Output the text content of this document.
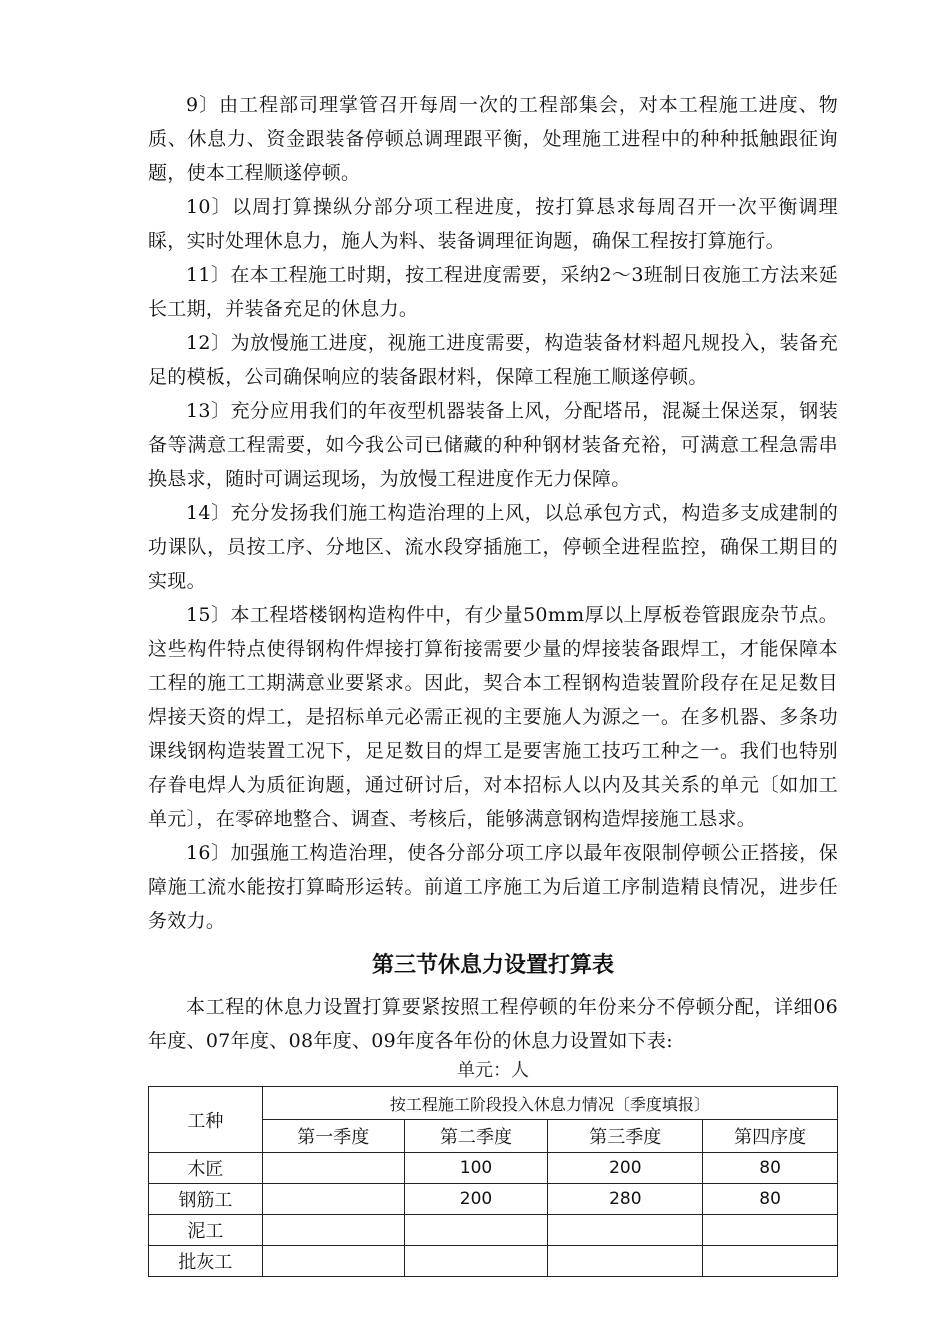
9〕由工程部司理掌管召开每周一次的工程部集会，对本工程施工进度、物质、休息力、资金跟装备停顿总调理跟平衡，处理施工进程中的种种抵触跟征询题，使本工程顺遂停顿。

10〕以周打算操纵分部分项工程进度，按打算恳求每周召开一次平衡调理睬，实时处理休息力，施人为料、装备调理征询题，确保工程按打算施行。

11〕在本工程施工时期，按工程进度需要，采纳2～3班制日夜施工方法来延长工期，并装备充足的休息力。

12〕为放慢施工进度，视施工进度需要，构造装备材料超凡规投入，装备充足的模板，公司确保响应的装备跟材料，保障工程施工顺遂停顿。

13〕充分应用我们的年夜型机器装备上风，分配塔吊，混凝土保送泵，钢装备等满意工程需要，如今我公司已储藏的种种钢材装备充裕，可满意工程急需串换恳求，随时可调运现场，为放慢工程进度作无力保障。

14〕充分发扬我们施工构造治理的上风，以总承包方式，构造多支成建制的功课队，员按工序、分地区、流水段穿插施工，停顿全进程监控，确保工期目的实现。

15〕本工程塔楼钢构造构件中，有少量50mm厚以上厚板卷管跟庞杂节点。这些构件特点使得钢构件焊接打算衔接需要少量的焊接装备跟焊工，才能保障本工程的施工工期满意业要紧求。因此，契合本工程钢构造装置阶段存在足足数目焊接天资的焊工，是招标单元必需正视的主要施人为源之一。在多机器、多条功课线钢构造装置工况下，足足数目的焊工是要害施工技巧工种之一。我们也特别存眷电焊人为质征询题，通过研讨后，对本招标人以内及其关系的单元〔如加工单元〕，在零碎地整合、调查、考核后，能够满意钢构造焊接施工恳求。

16〕加强施工构造治理，使各分部分项工序以最年夜限制停顿公正搭接，保障施工流水能按打算畸形运转。前道工序施工为后道工序制造精良情况，进步任务效力。

第三节休息力设置打算表

本工程的休息力设置打算要紧按照工程停顿的年份来分不停顿分配，详细06年度、07年度、08年度、09年度各年份的休息力设置如下表:

单元：人

工种	按工程施工阶段投入休息力情况〔季度填报〕			
	第一季度	第二季度	第三季度	第四序度
木匠		100	200	80
钢筋工		200	280	80
泥工				
批灰工				
